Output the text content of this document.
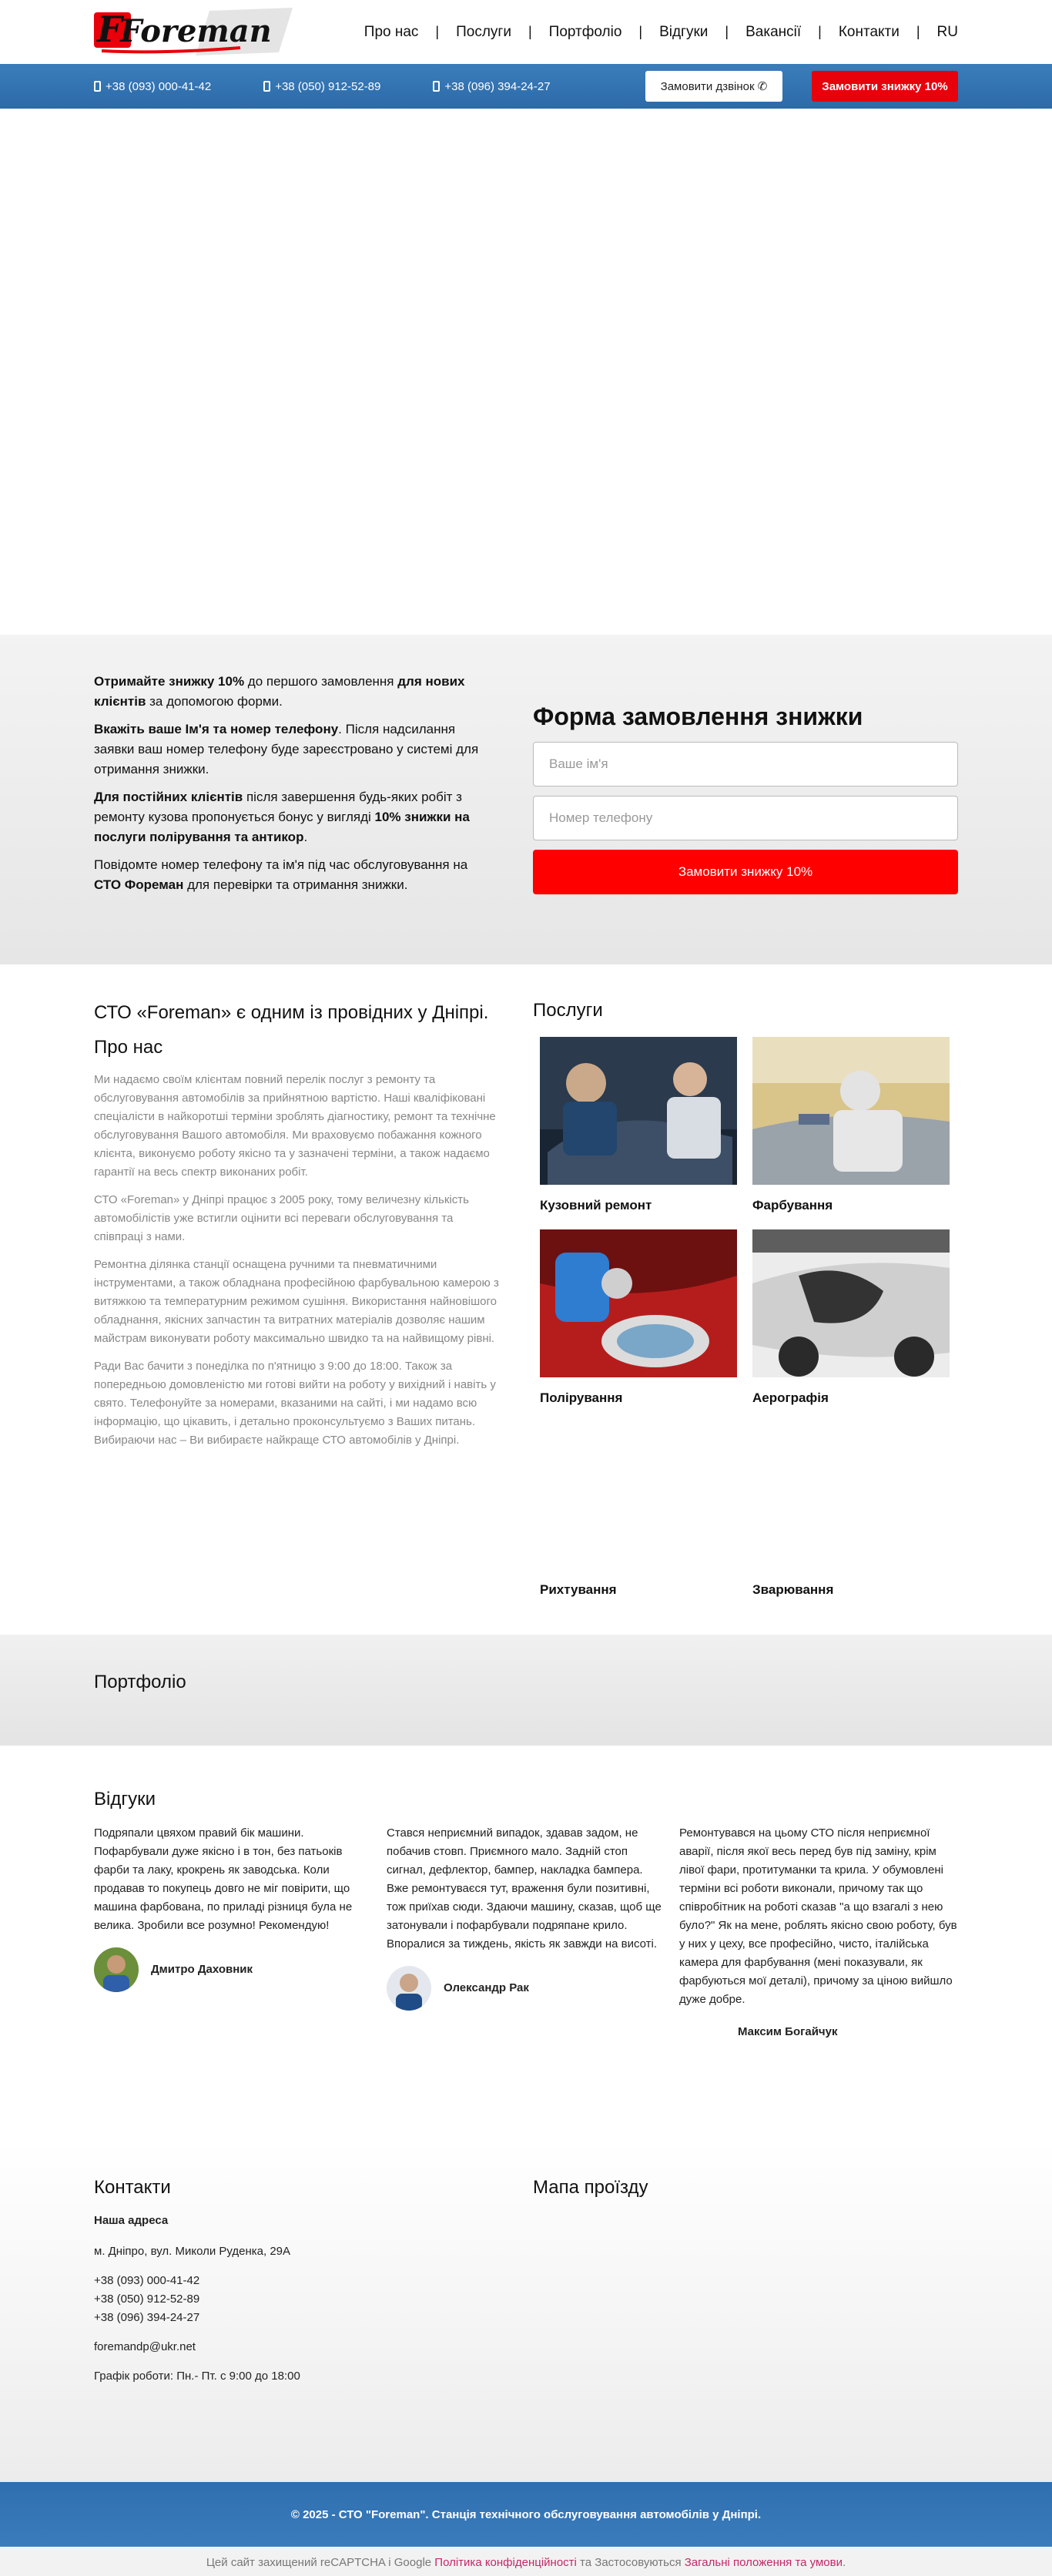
F
Foreman	Про нас	|	Послуги	|	Портфоліо	|	Відгуки	|	Вакансії	|	Контакти	|	RU
+38 (093) 000-41-42	+38 (050) 912-52-89	+38 (096) 394-24-27	Замовити дзвінок
✆	Замовити знижку 10%

Отримайте знижку 10% до першого замовлення для нових клієнтів за допомогою форми.

Вкажіть ваше Ім'я та номер телефону. Після надсилання заявки ваш номер телефону буде зареєстровано у системі для отримання знижки.

Для постійних клієнтів після завершення будь-яких робіт з ремонту кузова пропонується бонус у вигляді 10% знижки на послуги полірування та антикор.

Повідомте номер телефону та ім'я під час обслуговування на СТО Фореман для перевірки та отримання знижки.

Форма замовлення знижки
Ваше ім'я
Номер телефону
Замовити знижку 10%
СТО «Foreman» є одним із провідних у Дніпрі.
Про нас

Ми надаємо своїм клієнтам повний перелік послуг з ремонту та обслуговування автомобілів за прийнятною вартістю. Наші кваліфіковані спеціалісти в найкоротші терміни зроблять діагностику, ремонт та технічне обслуговування Вашого автомобіля. Ми враховуємо побажання кожного клієнта, виконуємо роботу якісно та у зазначені терміни, а також надаємо гарантії на весь спектр виконаних робіт.

СТО «Foreman» у Дніпрі працює з 2005 року, тому величезну кількість автомобілістів уже встигли оцінити всі переваги обслуговування та співпраці з нами.

Ремонтна ділянка станції оснащена ручними та пневматичними інструментами, а також обладнана професійною фарбувальною камерою з витяжкою та температурним режимом сушіння. Використання найновішого обладнання, якісних запчастин та витратних матеріалів дозволяє нашим майстрам виконувати роботу максимально швидко та на найвищому рівні.

Ради Вас бачити з понеділка по п'ятницю з 9:00 до 18:00. Також за попередньою домовленістю ми готові вийти на роботу у вихідний і навіть у свято. Телефонуйте за номерами, вказаними на сайті, і ми надамо всю інформацію, що цікавить, і детально проконсультуємо з Ваших питань. Вибираючи нас – Ви вибираєте найкраще СТО автомобілів у Дніпрі.

Послуги
Кузовний ремонт	Фарбування
Полірування	Аерографія
Рихтування	Зварювання
Портфоліо
Відгуки

Подряпали цвяхом правий бік машини. Пофарбували дуже якісно і в тон, без патьоків фарби та лаку, крокрень як заводська. Коли продавав то покупець довго не міг повірити, що машина фарбована, по приладі різниця була не велика. Зробили все розумно! Рекомендую!

Дмитро Даховник

Стався неприємний випадок, здавав задом, не побачив стовп. Приємного мало. Задній стоп сигнал, дефлектор, бампер, накладка бампера. Вже ремонтуваєся тут, враження були позитивні, тож приїхав сюди. Здаючи машину, сказав, щоб ще затонували і пофарбували подряпане крило. Впоралися за тиждень, якість як завжди на висоті.

Олександр Рак

Ремонтувався на цьому СТО після неприємної аварії, після якої весь перед був під заміну, крім лівої фари, протитуманки та крила. У обумовлені терміни всі роботи виконали, причому так що співробітник на роботі сказав "а що взагалі з нею було?" Як на мене, роблять якісно свою роботу, був у них у цеху, все професійно, чисто, італійська камера для фарбування (мені показували, як фарбуються мої деталі), причому за ціною вийшло дуже добре.

Максим Богайчук
Контакти
Наша адреса

м. Дніпро, вул. Миколи Руденка, 29А

+38 (093) 000-41-42
+38 (050) 912-52-89
+38 (096) 394-24-27

foremandp@ukr.net

Графік роботи: Пн.- Пт. с 9:00 до 18:00

Мапа проїзду
© 2025 - СТО "Foreman". Станція технічного обслуговування автомобілів у Дніпрі.
Цей сайт захищений reCAPTCHA і Google Політика конфіденційності та Застосовуються Загальні положення та умови.
